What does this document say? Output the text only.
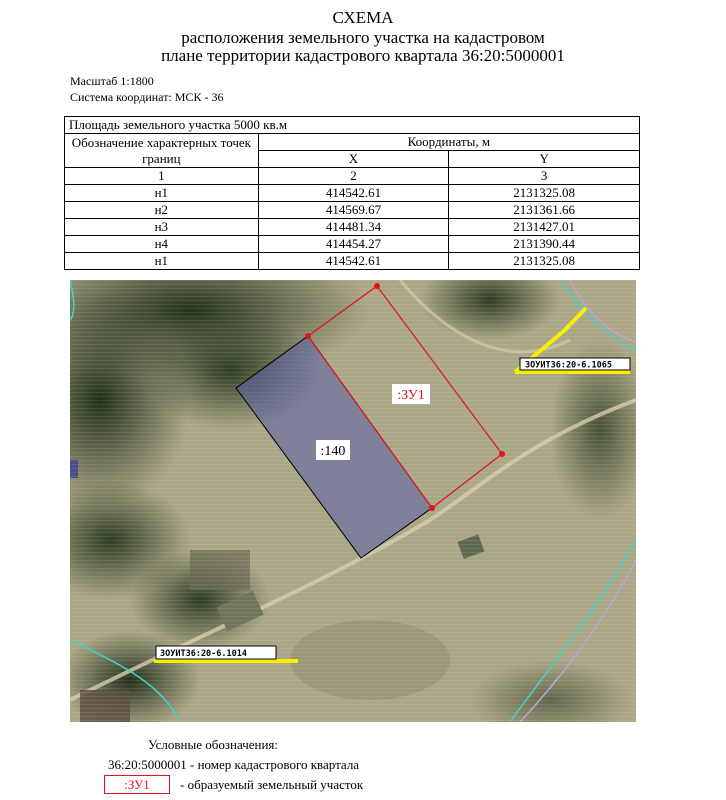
СХЕМА
расположения земельного участка на кадастровом
плане территории кадастрового квартала 36:20:5000001
Масштаб 1:1800
Система координат: МСК - 36
Площадь земельного участка 5000 кв.м		
Обозначение характерных точек границ	Координаты, м	
	X	Y
1	2	3
н1	414542.61	2131325.08
н2	414569.67	2131361.66
н3	414481.34	2131427.01
н4	414454.27	2131390.44
н1	414542.61	2131325.08
:ЗУ1
:140
ЗОУИТ36:20-6.1065
ЗОУИТ36:20-6.1014
Условные обозначения:
36:20:5000001 - номер кадастрового квартала
:ЗУ1	- образуемый земельный участок
